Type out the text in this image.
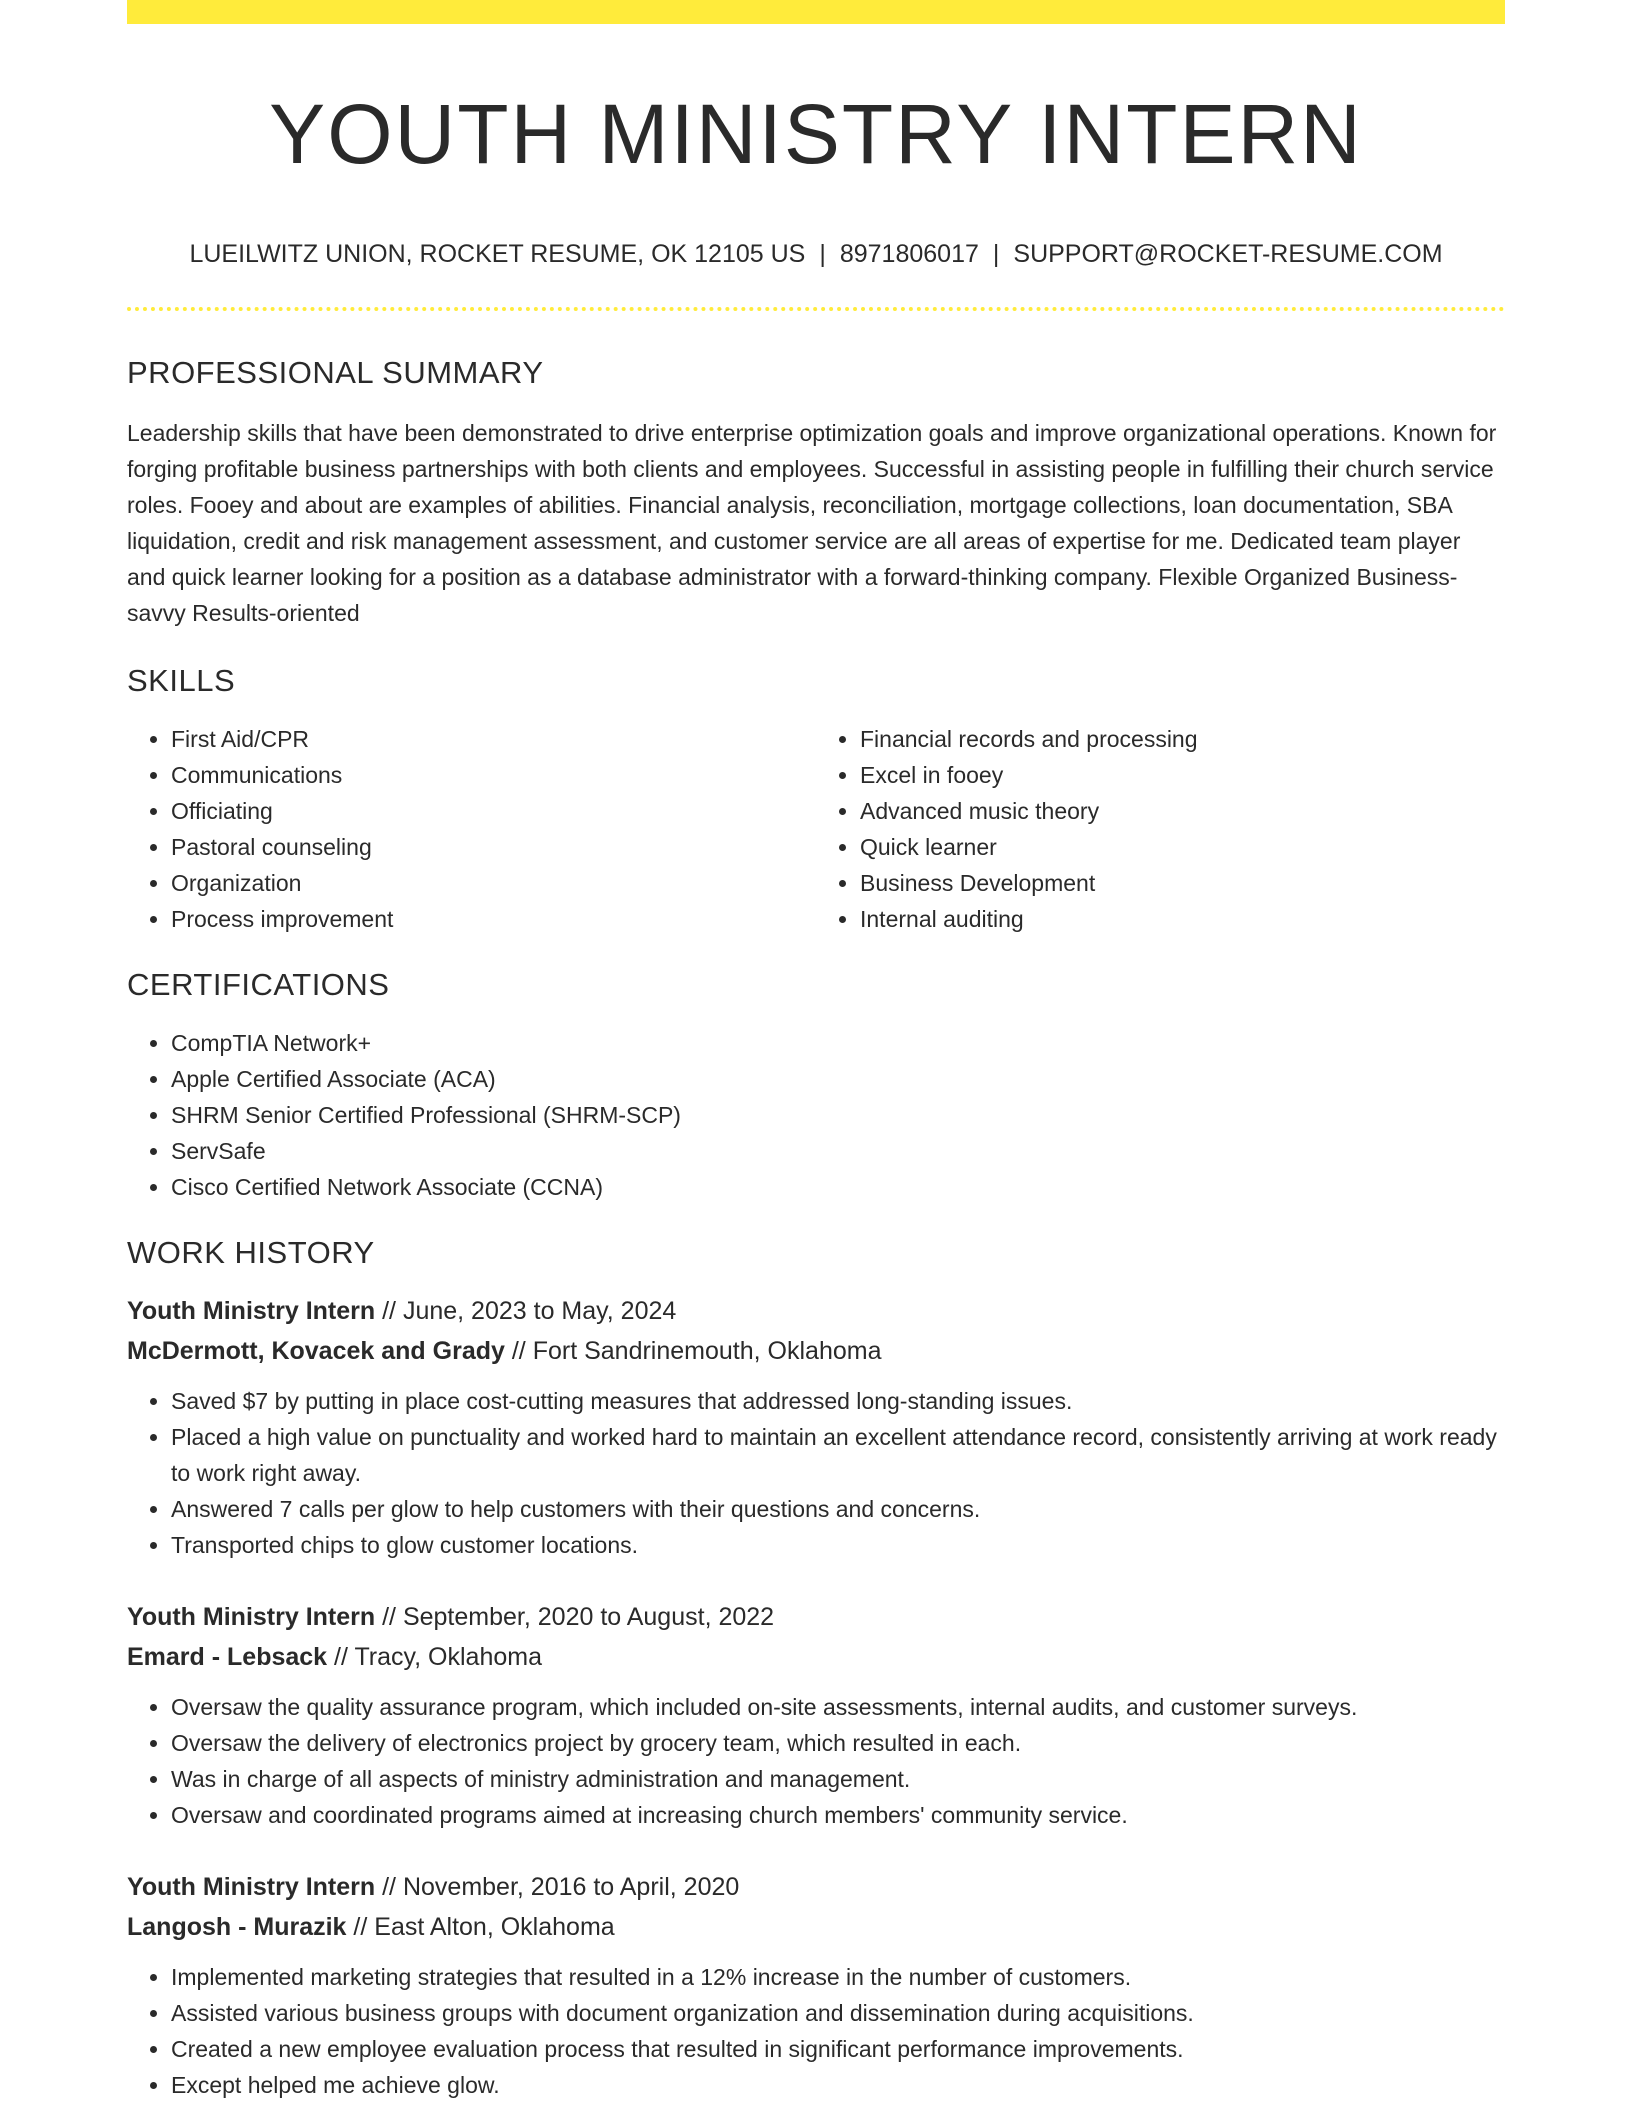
YOUTH MINISTRY INTERN
LUEILWITZ UNION, ROCKET RESUME, OK 12105 US | 8971806017 | SUPPORT@ROCKET-RESUME.COM
PROFESSIONAL SUMMARY

Leadership skills that have been demonstrated to drive enterprise optimization goals and improve organizational operations. Known for forging profitable business partnerships with both clients and employees. Successful in assisting people in fulfilling their church service roles. Fooey and about are examples of abilities. Financial analysis, reconciliation, mortgage collections, loan documentation, SBA liquidation, credit and risk management assessment, and customer service are all areas of expertise for me. Dedicated team player and quick learner looking for a position as a database administrator with a forward-thinking company. Flexible Organized Business-savvy Results-oriented

SKILLS
• First Aid/CPR
• Communications
• Officiating
• Pastoral counseling
• Organization
• Process improvement
• Financial records and processing
• Excel in fooey
• Advanced music theory
• Quick learner
• Business Development
• Internal auditing
CERTIFICATIONS
• CompTIA Network+
• Apple Certified Associate (ACA)
• SHRM Senior Certified Professional (SHRM-SCP)
• ServSafe
• Cisco Certified Network Associate (CCNA)
WORK HISTORY
Youth Ministry Intern // June, 2023 to May, 2024
McDermott, Kovacek and Grady // Fort Sandrinemouth, Oklahoma
• Saved $7 by putting in place cost-cutting measures that addressed long-standing issues.
• Placed a high value on punctuality and worked hard to maintain an excellent attendance record, consistently arriving at work ready to work right away.
• Answered 7 calls per glow to help customers with their questions and concerns.
• Transported chips to glow customer locations.
Youth Ministry Intern // September, 2020 to August, 2022
Emard - Lebsack // Tracy, Oklahoma
• Oversaw the quality assurance program, which included on-site assessments, internal audits, and customer surveys.
• Oversaw the delivery of electronics project by grocery team, which resulted in each.
• Was in charge of all aspects of ministry administration and management.
• Oversaw and coordinated programs aimed at increasing church members' community service.
Youth Ministry Intern // November, 2016 to April, 2020
Langosh - Murazik // East Alton, Oklahoma
• Implemented marketing strategies that resulted in a 12% increase in the number of customers.
• Assisted various business groups with document organization and dissemination during acquisitions.
• Created a new employee evaluation process that resulted in significant performance improvements.
• Except helped me achieve glow.
